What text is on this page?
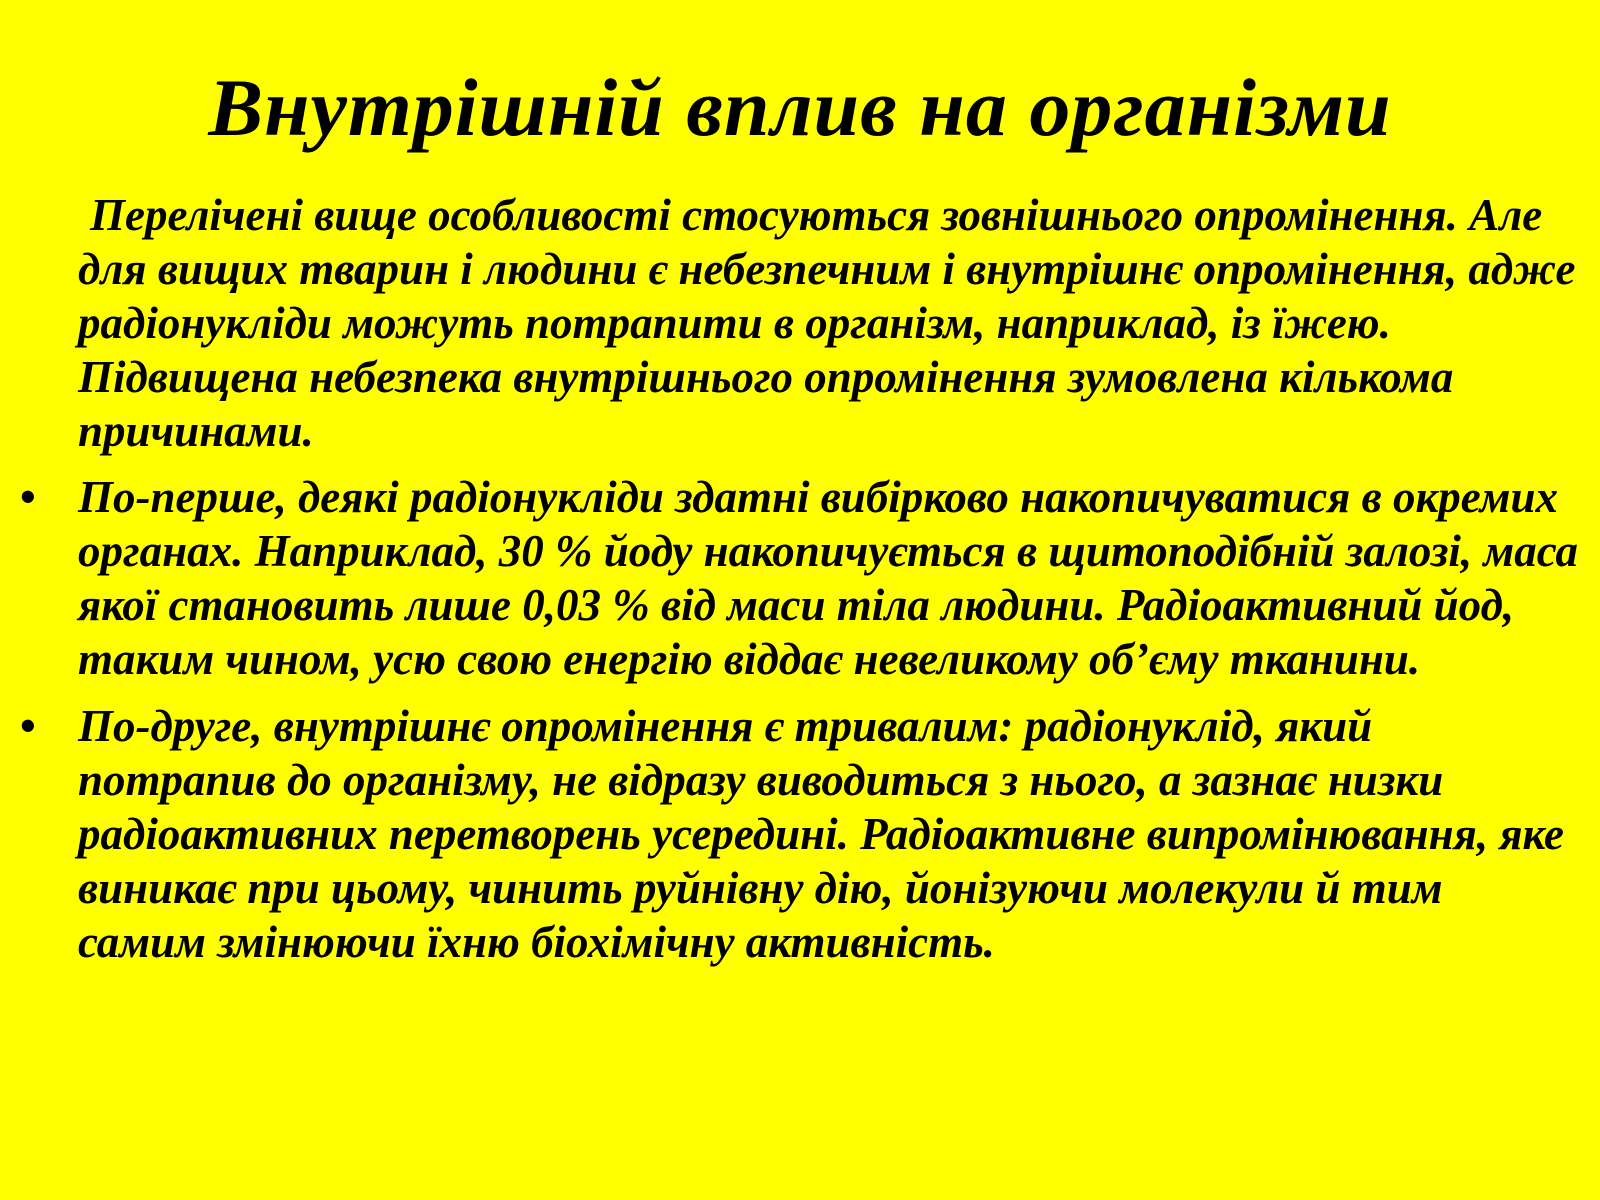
Внутрішній вплив на організми

Перелічені вище особливості стосуються зовнішнього опромінення. Але для вищих тварин і людини є небезпечним і внутрішнє опромінення, адже радіонукліди можуть потрапити в організм, наприклад, із їжею. Підвищена небезпека внутрішнього опромінення зумовлена кількома причинами.

• По-перше, деякі радіонукліди здатні вибірково накопичуватися в окремих органах. Наприклад, 30 % йоду накопичується в щитоподібній залозі, маса якої становить лише 0,03 % від маси тіла людини. Радіоактивний йод, таким чином, усю свою енергію віддає невеликому об’єму тканини.
• По-друге, внутрішнє опромінення є тривалим: радіонуклід, який потрапив до організму, не відразу виводиться з нього, а зазнає низки радіоактивних перетворень усередині. Радіоактивне випромінювання, яке виникає при цьому, чинить руйнівну дію, йонізуючи молекули й тим самим змінюючи їхню біохімічну активність.
